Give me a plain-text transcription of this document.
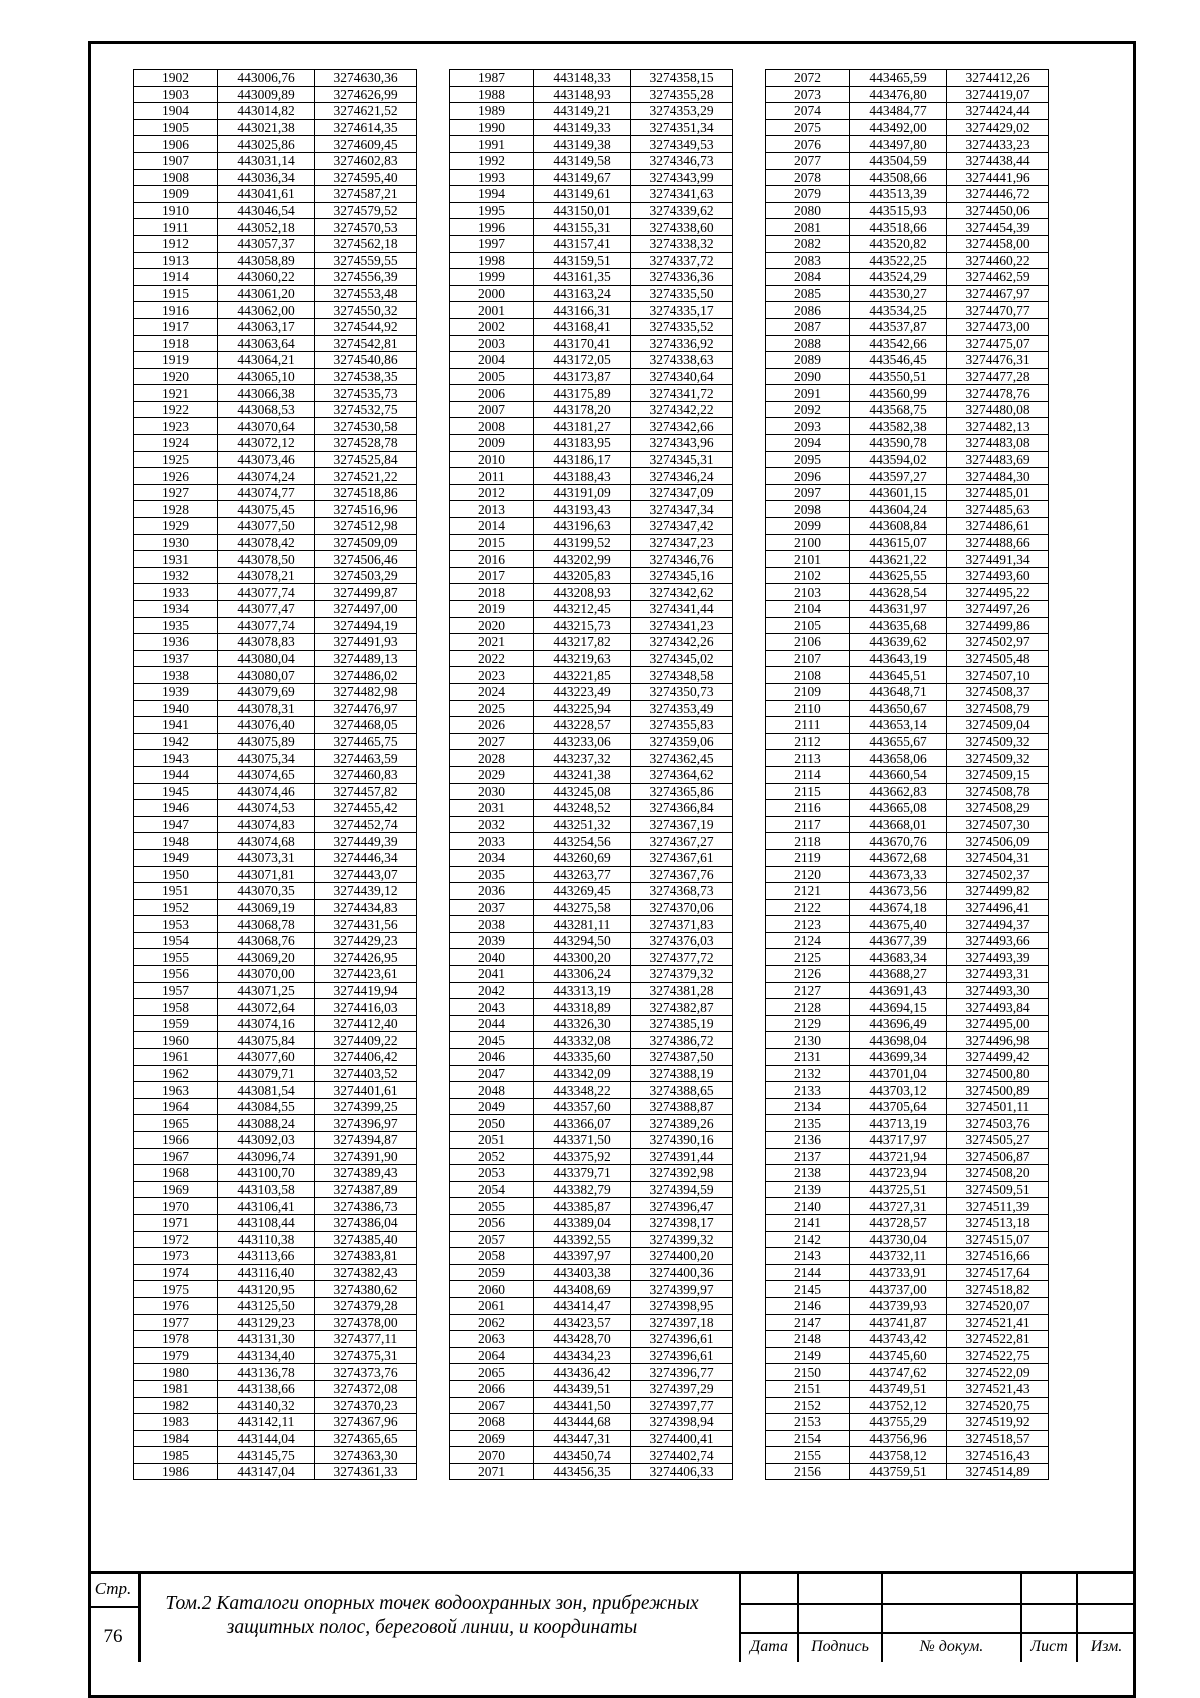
1902	443006,76	3274630,36
1903	443009,89	3274626,99
1904	443014,82	3274621,52
1905	443021,38	3274614,35
1906	443025,86	3274609,45
1907	443031,14	3274602,83
1908	443036,34	3274595,40
1909	443041,61	3274587,21
1910	443046,54	3274579,52
1911	443052,18	3274570,53
1912	443057,37	3274562,18
1913	443058,89	3274559,55
1914	443060,22	3274556,39
1915	443061,20	3274553,48
1916	443062,00	3274550,32
1917	443063,17	3274544,92
1918	443063,64	3274542,81
1919	443064,21	3274540,86
1920	443065,10	3274538,35
1921	443066,38	3274535,73
1922	443068,53	3274532,75
1923	443070,64	3274530,58
1924	443072,12	3274528,78
1925	443073,46	3274525,84
1926	443074,24	3274521,22
1927	443074,77	3274518,86
1928	443075,45	3274516,96
1929	443077,50	3274512,98
1930	443078,42	3274509,09
1931	443078,50	3274506,46
1932	443078,21	3274503,29
1933	443077,74	3274499,87
1934	443077,47	3274497,00
1935	443077,74	3274494,19
1936	443078,83	3274491,93
1937	443080,04	3274489,13
1938	443080,07	3274486,02
1939	443079,69	3274482,98
1940	443078,31	3274476,97
1941	443076,40	3274468,05
1942	443075,89	3274465,75
1943	443075,34	3274463,59
1944	443074,65	3274460,83
1945	443074,46	3274457,82
1946	443074,53	3274455,42
1947	443074,83	3274452,74
1948	443074,68	3274449,39
1949	443073,31	3274446,34
1950	443071,81	3274443,07
1951	443070,35	3274439,12
1952	443069,19	3274434,83
1953	443068,78	3274431,56
1954	443068,76	3274429,23
1955	443069,20	3274426,95
1956	443070,00	3274423,61
1957	443071,25	3274419,94
1958	443072,64	3274416,03
1959	443074,16	3274412,40
1960	443075,84	3274409,22
1961	443077,60	3274406,42
1962	443079,71	3274403,52
1963	443081,54	3274401,61
1964	443084,55	3274399,25
1965	443088,24	3274396,97
1966	443092,03	3274394,87
1967	443096,74	3274391,90
1968	443100,70	3274389,43
1969	443103,58	3274387,89
1970	443106,41	3274386,73
1971	443108,44	3274386,04
1972	443110,38	3274385,40
1973	443113,66	3274383,81
1974	443116,40	3274382,43
1975	443120,95	3274380,62
1976	443125,50	3274379,28
1977	443129,23	3274378,00
1978	443131,30	3274377,11
1979	443134,40	3274375,31
1980	443136,78	3274373,76
1981	443138,66	3274372,08
1982	443140,32	3274370,23
1983	443142,11	3274367,96
1984	443144,04	3274365,65
1985	443145,75	3274363,30
1986	443147,04	3274361,33
1987	443148,33	3274358,15
1988	443148,93	3274355,28
1989	443149,21	3274353,29
1990	443149,33	3274351,34
1991	443149,38	3274349,53
1992	443149,58	3274346,73
1993	443149,67	3274343,99
1994	443149,61	3274341,63
1995	443150,01	3274339,62
1996	443155,31	3274338,60
1997	443157,41	3274338,32
1998	443159,51	3274337,72
1999	443161,35	3274336,36
2000	443163,24	3274335,50
2001	443166,31	3274335,17
2002	443168,41	3274335,52
2003	443170,41	3274336,92
2004	443172,05	3274338,63
2005	443173,87	3274340,64
2006	443175,89	3274341,72
2007	443178,20	3274342,22
2008	443181,27	3274342,66
2009	443183,95	3274343,96
2010	443186,17	3274345,31
2011	443188,43	3274346,24
2012	443191,09	3274347,09
2013	443193,43	3274347,34
2014	443196,63	3274347,42
2015	443199,52	3274347,23
2016	443202,99	3274346,76
2017	443205,83	3274345,16
2018	443208,93	3274342,62
2019	443212,45	3274341,44
2020	443215,73	3274341,23
2021	443217,82	3274342,26
2022	443219,63	3274345,02
2023	443221,85	3274348,58
2024	443223,49	3274350,73
2025	443225,94	3274353,49
2026	443228,57	3274355,83
2027	443233,06	3274359,06
2028	443237,32	3274362,45
2029	443241,38	3274364,62
2030	443245,08	3274365,86
2031	443248,52	3274366,84
2032	443251,32	3274367,19
2033	443254,56	3274367,27
2034	443260,69	3274367,61
2035	443263,77	3274367,76
2036	443269,45	3274368,73
2037	443275,58	3274370,06
2038	443281,11	3274371,83
2039	443294,50	3274376,03
2040	443300,20	3274377,72
2041	443306,24	3274379,32
2042	443313,19	3274381,28
2043	443318,89	3274382,87
2044	443326,30	3274385,19
2045	443332,08	3274386,72
2046	443335,60	3274387,50
2047	443342,09	3274388,19
2048	443348,22	3274388,65
2049	443357,60	3274388,87
2050	443366,07	3274389,26
2051	443371,50	3274390,16
2052	443375,92	3274391,44
2053	443379,71	3274392,98
2054	443382,79	3274394,59
2055	443385,87	3274396,47
2056	443389,04	3274398,17
2057	443392,55	3274399,32
2058	443397,97	3274400,20
2059	443403,38	3274400,36
2060	443408,69	3274399,97
2061	443414,47	3274398,95
2062	443423,57	3274397,18
2063	443428,70	3274396,61
2064	443434,23	3274396,61
2065	443436,42	3274396,77
2066	443439,51	3274397,29
2067	443441,50	3274397,77
2068	443444,68	3274398,94
2069	443447,31	3274400,41
2070	443450,74	3274402,74
2071	443456,35	3274406,33
2072	443465,59	3274412,26
2073	443476,80	3274419,07
2074	443484,77	3274424,44
2075	443492,00	3274429,02
2076	443497,80	3274433,23
2077	443504,59	3274438,44
2078	443508,66	3274441,96
2079	443513,39	3274446,72
2080	443515,93	3274450,06
2081	443518,66	3274454,39
2082	443520,82	3274458,00
2083	443522,25	3274460,22
2084	443524,29	3274462,59
2085	443530,27	3274467,97
2086	443534,25	3274470,77
2087	443537,87	3274473,00
2088	443542,66	3274475,07
2089	443546,45	3274476,31
2090	443550,51	3274477,28
2091	443560,99	3274478,76
2092	443568,75	3274480,08
2093	443582,38	3274482,13
2094	443590,78	3274483,08
2095	443594,02	3274483,69
2096	443597,27	3274484,30
2097	443601,15	3274485,01
2098	443604,24	3274485,63
2099	443608,84	3274486,61
2100	443615,07	3274488,66
2101	443621,22	3274491,34
2102	443625,55	3274493,60
2103	443628,54	3274495,22
2104	443631,97	3274497,26
2105	443635,68	3274499,86
2106	443639,62	3274502,97
2107	443643,19	3274505,48
2108	443645,51	3274507,10
2109	443648,71	3274508,37
2110	443650,67	3274508,79
2111	443653,14	3274509,04
2112	443655,67	3274509,32
2113	443658,06	3274509,32
2114	443660,54	3274509,15
2115	443662,83	3274508,78
2116	443665,08	3274508,29
2117	443668,01	3274507,30
2118	443670,76	3274506,09
2119	443672,68	3274504,31
2120	443673,33	3274502,37
2121	443673,56	3274499,82
2122	443674,18	3274496,41
2123	443675,40	3274494,37
2124	443677,39	3274493,66
2125	443683,34	3274493,39
2126	443688,27	3274493,31
2127	443691,43	3274493,30
2128	443694,15	3274493,84
2129	443696,49	3274495,00
2130	443698,04	3274496,98
2131	443699,34	3274499,42
2132	443701,04	3274500,80
2133	443703,12	3274500,89
2134	443705,64	3274501,11
2135	443713,19	3274503,76
2136	443717,97	3274505,27
2137	443721,94	3274506,87
2138	443723,94	3274508,20
2139	443725,51	3274509,51
2140	443727,31	3274511,39
2141	443728,57	3274513,18
2142	443730,04	3274515,07
2143	443732,11	3274516,66
2144	443733,91	3274517,64
2145	443737,00	3274518,82
2146	443739,93	3274520,07
2147	443741,87	3274521,41
2148	443743,42	3274522,81
2149	443745,60	3274522,75
2150	443747,62	3274522,09
2151	443749,51	3274521,43
2152	443752,12	3274520,75
2153	443755,29	3274519,92
2154	443756,96	3274518,57
2155	443758,12	3274516,43
2156	443759,51	3274514,89
Стр.
76
Том.2 Каталоги опорных точек водоохранных зон, прибрежных
защитных полос, береговой линии, и координаты
Дата	Подпись	№ докум.	Лист	Изм.
